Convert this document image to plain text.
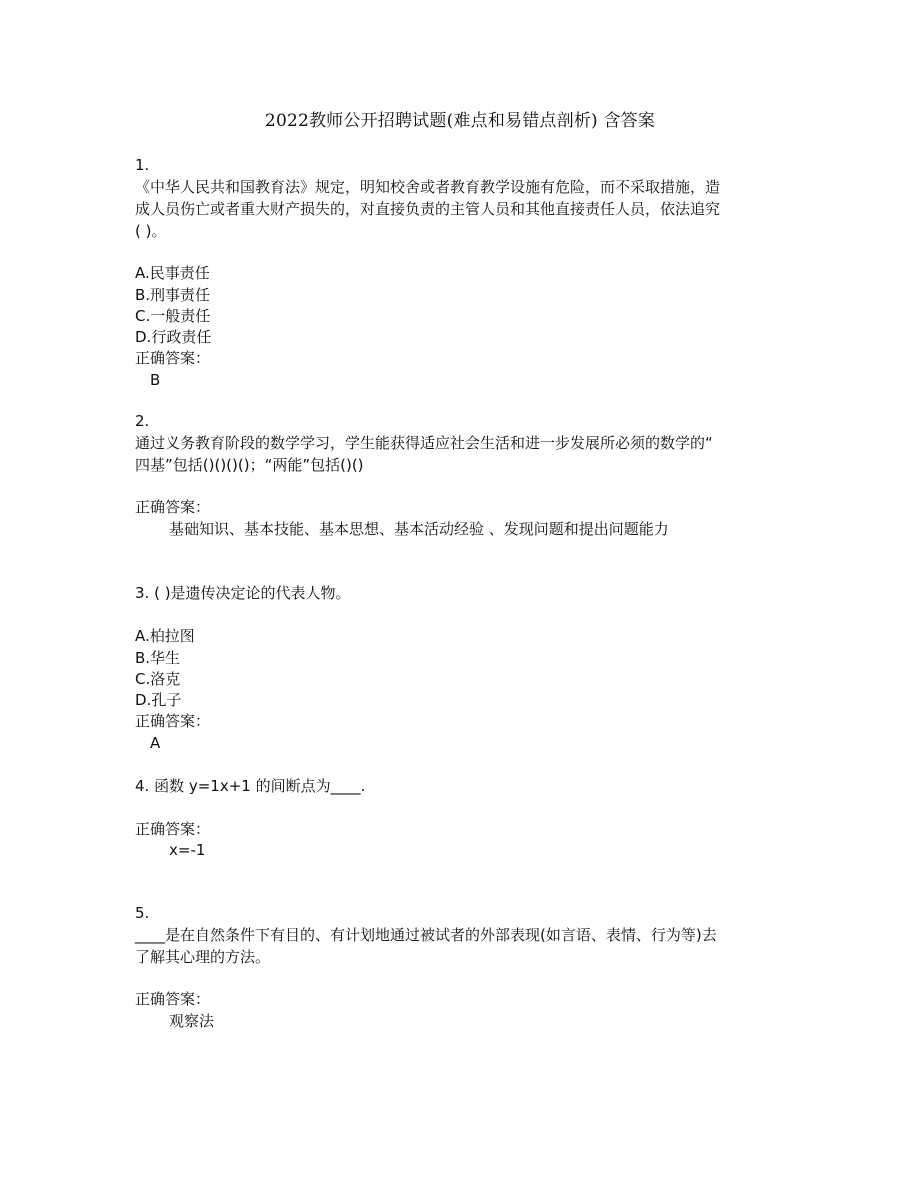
2022教师公开招聘试题(难点和易错点剖析) 含答案
1.
《中华人民共和国教育法》规定，明知校舍或者教育教学设施有危险，而不采取措施，造
成人员伤亡或者重大财产损失的，对直接负责的主管人员和其他直接责任人员，依法追究
( )。
A.民事责任
B.刑事责任
C.一般责任
D.行政责任
正确答案：
B
2.
通过义务教育阶段的数学学习，学生能获得适应社会生活和进一步发展所必须的数学的“
四基”包括()()()()；“两能”包括()()
正确答案：
基础知识、基本技能、基本思想、基本活动经验 、发现问题和提出问题能力
3. ( )是遗传决定论的代表人物。
A.柏拉图
B.华生
C.洛克
D.孔子
正确答案：
A
4. 函数 y=1x+1 的间断点为____.
正确答案：
x=-1
5.
____是在自然条件下有目的、有计划地通过被试者的外部表现(如言语、表情、行为等)去
了解其心理的方法。
正确答案：
观察法
